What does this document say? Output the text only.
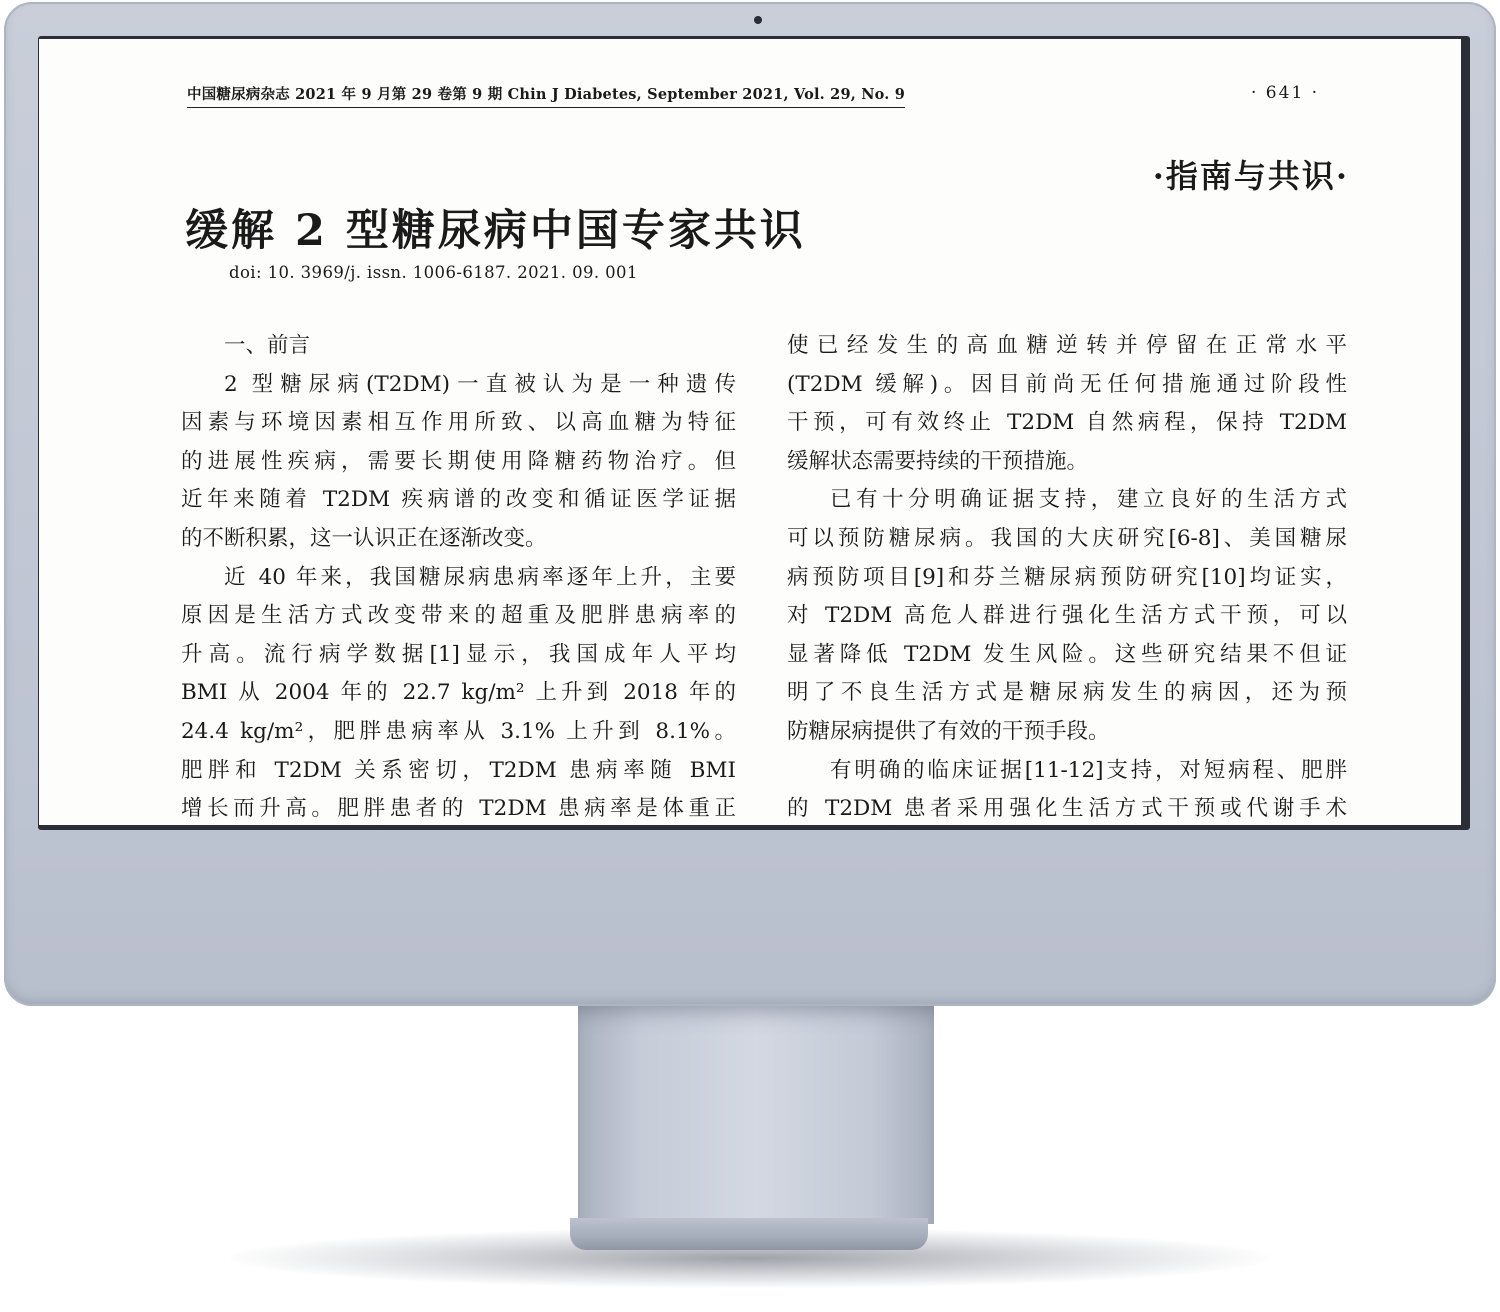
中国糖尿病杂志 2021 年 9 月第 29 卷第 9 期 Chin J Diabetes, September 2021, Vol. 29, No. 9	· 641 ·
·指南与共识·
缓解 2 型糖尿病中国专家共识
doi: 10. 3969/j. issn. 1006-6187. 2021. 09. 001
一、前言
2 型糖尿病(T2DM)一直被认为是一种遗传
因素与环境因素相互作用所致、以高血糖为特征
的进展性疾病，需要长期使用降糖药物治疗。但
近年来随着 T2DM 疾病谱的改变和循证医学证据
的不断积累，这一认识正在逐渐改变。
近 40 年来，我国糖尿病患病率逐年上升，主要
原因是生活方式改变带来的超重及肥胖患病率的
升高。流行病学数据[1]显示，我国成年人平均
BMI 从 2004 年的 22.7 kg/m² 上升到 2018 年的
24.4 kg/m²，肥胖患病率从 3.1% 上升到 8.1%。
肥胖和 T2DM 关系密切，T2DM 患病率随 BMI
增长而升高。肥胖患者的 T2DM 患病率是体重正
使已经发生的高血糖逆转并停留在正常水平
(T2DM 缓解)。因目前尚无任何措施通过阶段性
干预，可有效终止 T2DM 自然病程，保持 T2DM
缓解状态需要持续的干预措施。
已有十分明确证据支持，建立良好的生活方式
可以预防糖尿病。我国的大庆研究[6-8]、美国糖尿
病预防项目[9]和芬兰糖尿病预防研究[10]均证实，
对 T2DM 高危人群进行强化生活方式干预，可以
显著降低 T2DM 发生风险。这些研究结果不但证
明了不良生活方式是糖尿病发生的病因，还为预
防糖尿病提供了有效的干预手段。
有明确的临床证据[11-12]支持，对短病程、肥胖
的 T2DM 患者采用强化生活方式干预或代谢手术
